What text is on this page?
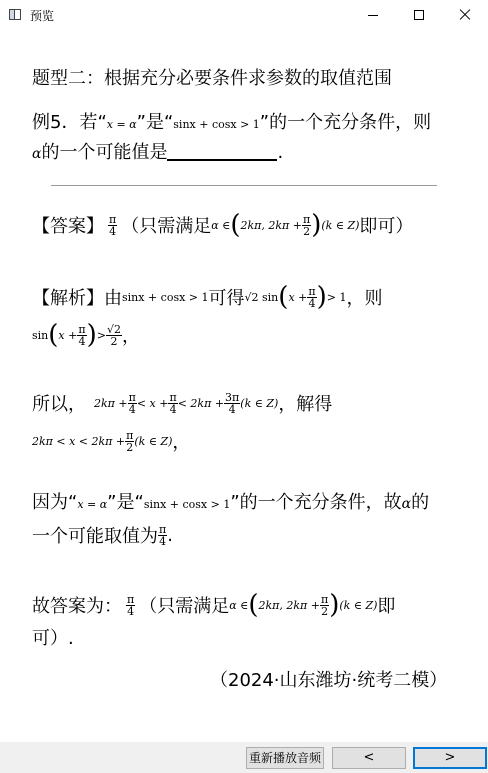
预览
题型二：根据充分必要条件求参数的取值范围
例5．若“x = α”是“sinx + cosx > 1”的一个充分条件，则
α的一个可能值是	.
【答案】 $\frac{\pi}{4}$ （只需满足 α ∈ ( 2kπ, $2k\pi + \frac{\pi}{2}$ ) (k ∈ Z) 即可）
【解析】 由 sinx + cosx > 1 可得 √2 sin ( $x + \frac{\pi}{4}$ ) > 1 ，则
sin ( $x + \frac{\pi}{4}$ ) > $\frac{√2}{2}$ ，
所以， $2k\pi + \frac{\pi}{4} < x + \frac{\pi}{4} < 2k\pi + \frac{3\pi}{4} (k$ ∈ Z) ，解得
$2k\pi < x < 2k\pi + \frac{\pi}{2} (k$ ∈ Z) ，
因为“x = α”是“sinx + cosx > 1”的一个充分条件，故α的
一个可能取值为 $\frac{\pi}{4}$ .
故答案为： $\frac{\pi}{4}$ （只需满足 α ∈ ( 2kπ, $2k\pi + \frac{\pi}{2}$ ) (k ∈ Z) 即
可）.
（2024·山东潍坊·统考二模）
重新播放音频	<	>
